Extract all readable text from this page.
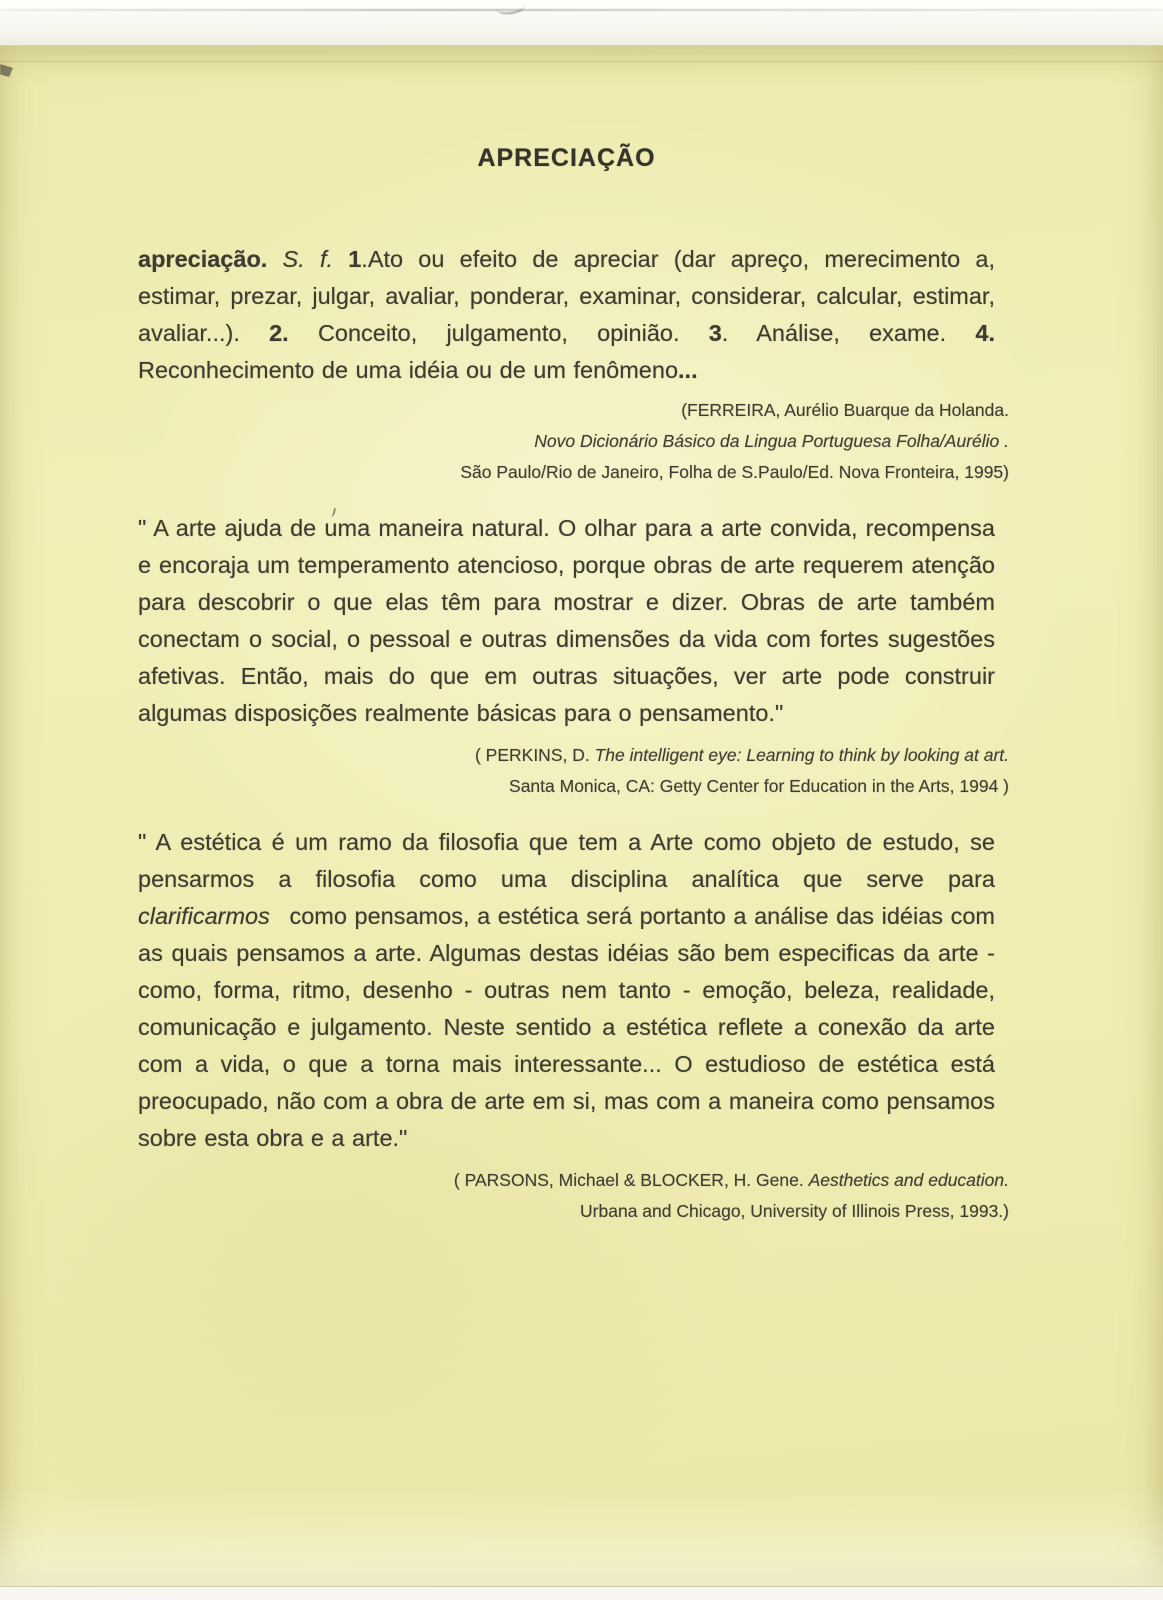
APRECIAÇÃO

apreciação. S. f. 1.Ato ou efeito de apreciar (dar apreço, merecimento a, estimar, prezar, julgar, avaliar, ponderar, examinar, considerar, calcular, estimar, avaliar...). 2. Conceito, julgamento, opinião. 3. Análise, exame. 4. Reconhecimento de uma idéia ou de um fenômeno...

(FERREIRA, Aurélio Buarque da Holanda.
Novo Dicionário Básico da Lingua Portuguesa Folha/Aurélio .
São Paulo/Rio de Janeiro, Folha de S.Paulo/Ed. Nova Fronteira, 1995)

" A arte ajuda de uma maneira natural. O olhar para a arte convida, recompensa e encoraja um temperamento atencioso, porque obras de arte requerem atenção para descobrir o que elas têm para mostrar e dizer. Obras de arte também conectam o social, o pessoal e outras dimensões da vida com fortes sugestões afetivas. Então, mais do que em outras situações, ver arte pode construir algumas disposições realmente básicas para o pensamento."

( PERKINS, D. The intelligent eye: Learning to think by looking at art.
Santa Monica, CA: Getty Center for Education in the Arts, 1994 )

" A estética é um ramo da filosofia que tem a Arte como objeto de estudo, se pensarmos a filosofia como uma disciplina analítica que serve para clarificarmos como pensamos, a estética será portanto a análise das idéias com as quais pensamos a arte. Algumas destas idéias são bem especificas da arte - como, forma, ritmo, desenho - outras nem tanto - emoção, beleza, realidade, comunicação e julgamento. Neste sentido a estética reflete a conexão da arte com a vida, o que a torna mais interessante... O estudioso de estética está preocupado, não com a obra de arte em si, mas com a maneira como pensamos sobre esta obra e a arte."

( PARSONS, Michael & BLOCKER, H. Gene. Aesthetics and education.
Urbana and Chicago, University of Illinois Press, 1993.)
